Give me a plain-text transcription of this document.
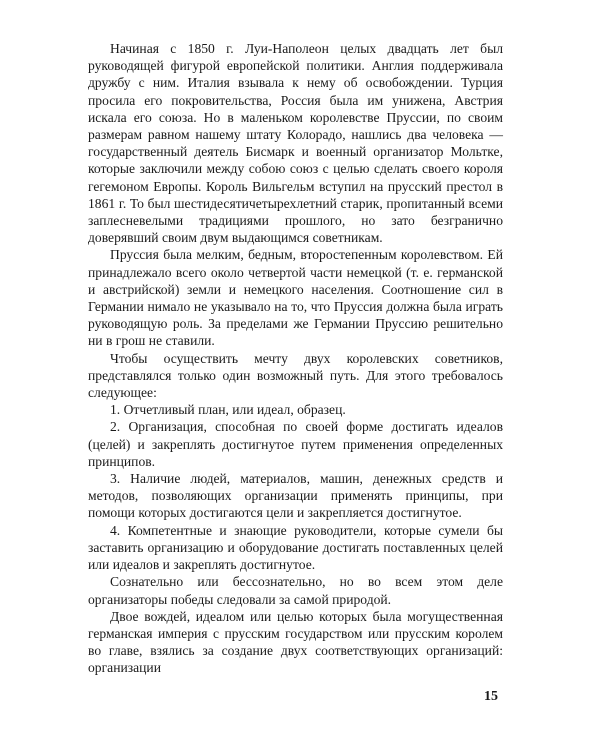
Начиная с 1850 г. Луи-Наполеон целых двадцать лет был руководящей фигурой европейской политики. Англия поддерживала дружбу с ним. Италия взывала к нему об освобождении. Турция просила его покровительства, Россия была им унижена, Австрия искала его союза. Но в маленьком королевстве Пруссии, по своим размерам равном нашему штату Колорадо, нашлись два человека — государственный деятель Бисмарк и военный организатор Мольтке, которые заключили между собою союз с целью сделать своего короля гегемоном Европы. Король Вильгельм вступил на прусский престол в 1861 г. То был шестидесятичетырехлетний старик, пропитанный всеми заплесневелыми традициями прошлого, но зато безгранично доверявший своим двум выдающимся советникам.

Пруссия была мелким, бедным, второстепенным королевством. Ей принадлежало всего около четвертой части немецкой (т. е. германской и австрийской) земли и немецкого населения. Соотношение сил в Германии нимало не указывало на то, что Пруссия должна была играть руководящую роль. За пределами же Германии Пруссию решительно ни в грош не ставили.

Чтобы осуществить мечту двух королевских советников, представлялся только один возможный путь. Для этого требовалось следующее:

1. Отчетливый план, или идеал, образец.

2. Организация, способная по своей форме достигать идеалов (целей) и закреплять достигнутое путем применения определенных принципов.

3. Наличие людей, материалов, машин, денежных средств и методов, позволяющих организации применять принципы, при помощи которых достигаются цели и закрепляется достигнутое.

4. Компетентные и знающие руководители, которые сумели бы заставить организацию и оборудование достигать поставленных целей или идеалов и закреплять достигнутое.

Сознательно или бессознательно, но во всем этом деле организаторы победы следовали за самой природой.

Двое вождей, идеалом или целью которых была могущественная германская империя с прусским государством или прусским королем во главе, взялись за создание двух соответствующих организаций: организации

15
